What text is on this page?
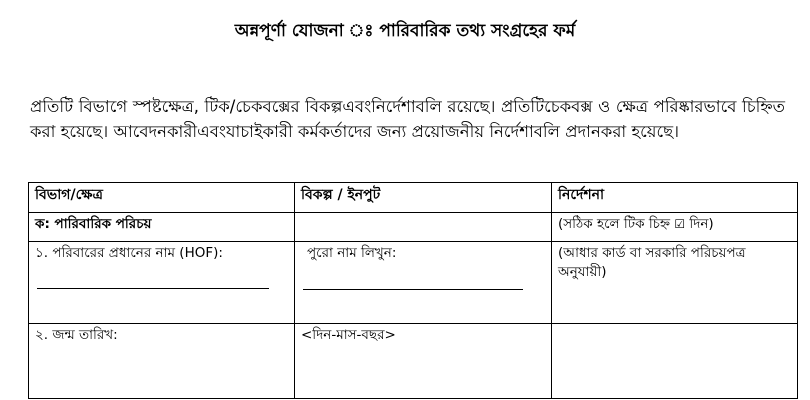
অন্নপূর্ণা যোজনা ঃ পারিবারিক তথ্য সংগ্রহের ফর্ম
প্রতিটি বিভাগে স্পষ্টক্ষেত্র, টিক/চেকবক্সের বিকল্পএবংনির্দেশাবলি রয়েছে। প্রতিটিচেকবক্স ও ক্ষেত্র পরিষ্কারভাবে চিহ্নিত করা হয়েছে। আবেদনকারীএবংযাচাইকারী কর্মকর্তাদের জন্য প্রয়োজনীয় নির্দেশাবলি প্রদানকরা হয়েছে।
বিভাগ/ক্ষেত্র	বিকল্প / ইনপুট	নির্দেশনা
ক: পারিবারিক পরিচয়		(সঠিক হলে টিক চিহ্ন ☑ দিন)
১. পরিবারের প্রধানের নাম (HOF):	পুরো নাম লিখুন:	(আধার কার্ড বা সরকারি পরিচয়পত্র অনুযায়ী)
২. জন্ম তারিখ:	<দিন-মাস-বছর>	
